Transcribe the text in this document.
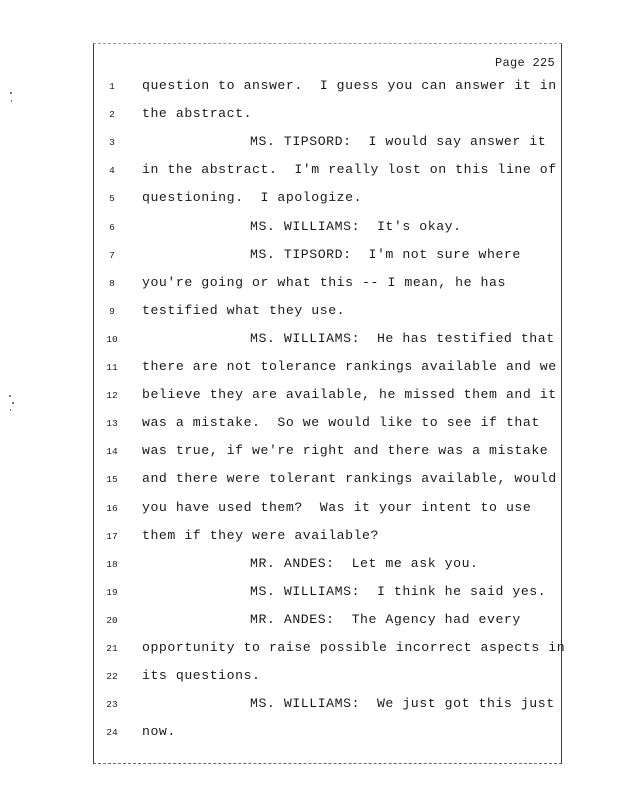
Page 225
1	question to answer.  I guess you can answer it in
2	the abstract.
3	MS. TIPSORD:  I would say answer it
4	in the abstract.  I'm really lost on this line of
5	questioning.  I apologize.
6	MS. WILLIAMS:  It's okay.
7	MS. TIPSORD:  I'm not sure where
8	you're going or what this -- I mean, he has
9	testified what they use.
10	MS. WILLIAMS:  He has testified that
11 there are not tolerance rankings available and we
12 believe they are available, he missed them and it
13 was a mistake.  So we would like to see if that
14 was true, if we're right and there was a mistake
15 and there were tolerant rankings available, would
16 you have used them?  Was it your intent to use
17 them if they were available?
18	MR. ANDES:  Let me ask you.
19	MS. WILLIAMS:  I think he said yes.
20	MR. ANDES:  The Agency had every
21 opportunity to raise possible incorrect aspects in
22 its questions.
23	MS. WILLIAMS:  We just got this just
24 now.
